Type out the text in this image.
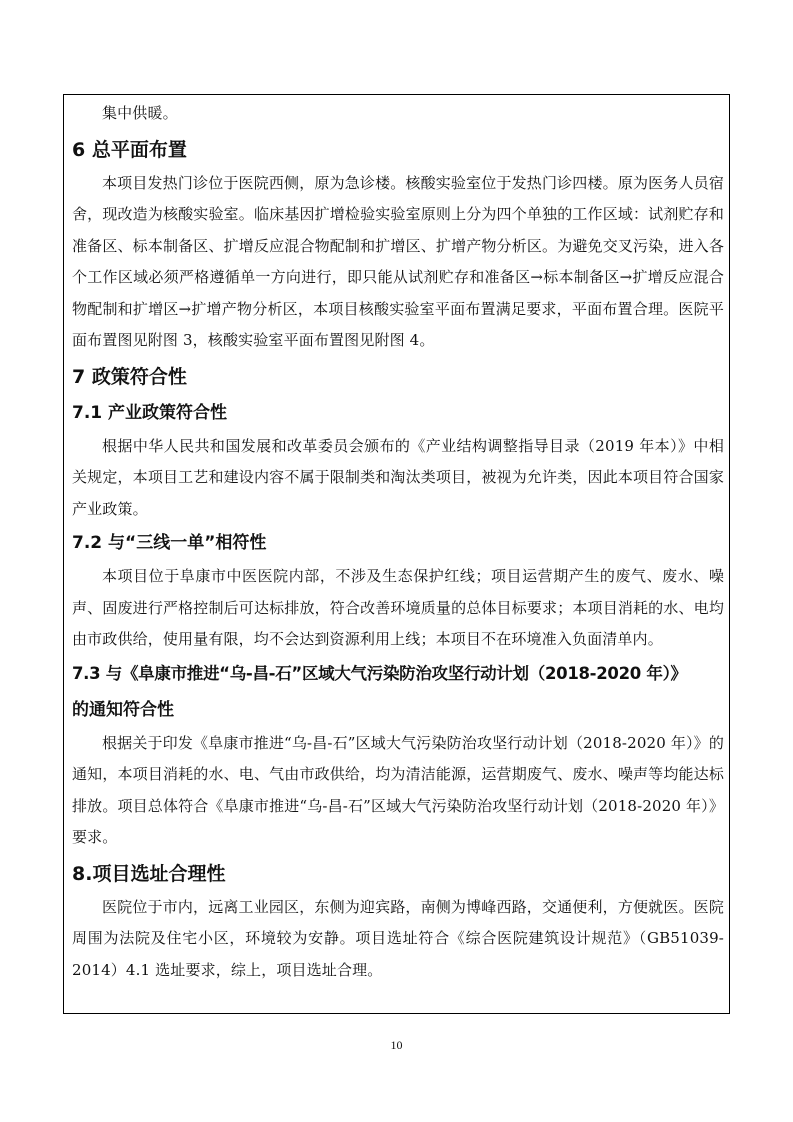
集中供暖。

6 总平面布置

本项目发热门诊位于医院西侧，原为急诊楼。核酸实验室位于发热门诊四楼。原为医务人员宿舍，现改造为核酸实验室。临床基因扩增检验实验室原则上分为四个单独的工作区域：试剂贮存和准备区、标本制备区、扩增反应混合物配制和扩增区、扩增产物分析区。为避免交叉污染，进入各个工作区域必须严格遵循单一方向进行，即只能从试剂贮存和准备区→标本制备区→扩增反应混合物配制和扩增区→扩增产物分析区，本项目核酸实验室平面布置满足要求，平面布置合理。医院平面布置图见附图 3，核酸实验室平面布置图见附图 4。

7 政策符合性
7.1 产业政策符合性

根据中华人民共和国发展和改革委员会颁布的《产业结构调整指导目录（2019 年本）》中相关规定，本项目工艺和建设内容不属于限制类和淘汰类项目，被视为允许类，因此本项目符合国家产业政策。

7.2 与“三线一单”相符性

本项目位于阜康市中医医院内部，不涉及生态保护红线；项目运营期产生的废气、废水、噪声、固废进行严格控制后可达标排放，符合改善环境质量的总体目标要求；本项目消耗的水、电均由市政供给，使用量有限，均不会达到资源利用上线；本项目不在环境准入负面清单内。

7.3 与《阜康市推进“乌-昌-石”区域大气污染防治攻坚行动计划（2018-2020 年）》
的通知符合性

根据关于印发《阜康市推进“乌-昌-石”区域大气污染防治攻坚行动计划（2018-2020 年）》的通知，本项目消耗的水、电、气由市政供给，均为清洁能源，运营期废气、废水、噪声等均能达标排放。项目总体符合《阜康市推进“乌-昌-石”区域大气污染防治攻坚行动计划（2018-2020 年）》要求。

8.项目选址合理性

医院位于市内，远离工业园区，东侧为迎宾路，南侧为博峰西路，交通便利，方便就医。医院周围为法院及住宅小区，环境较为安静。项目选址符合《综合医院建筑设计规范》（GB51039-2014）4.1 选址要求，综上，项目选址合理。

10
